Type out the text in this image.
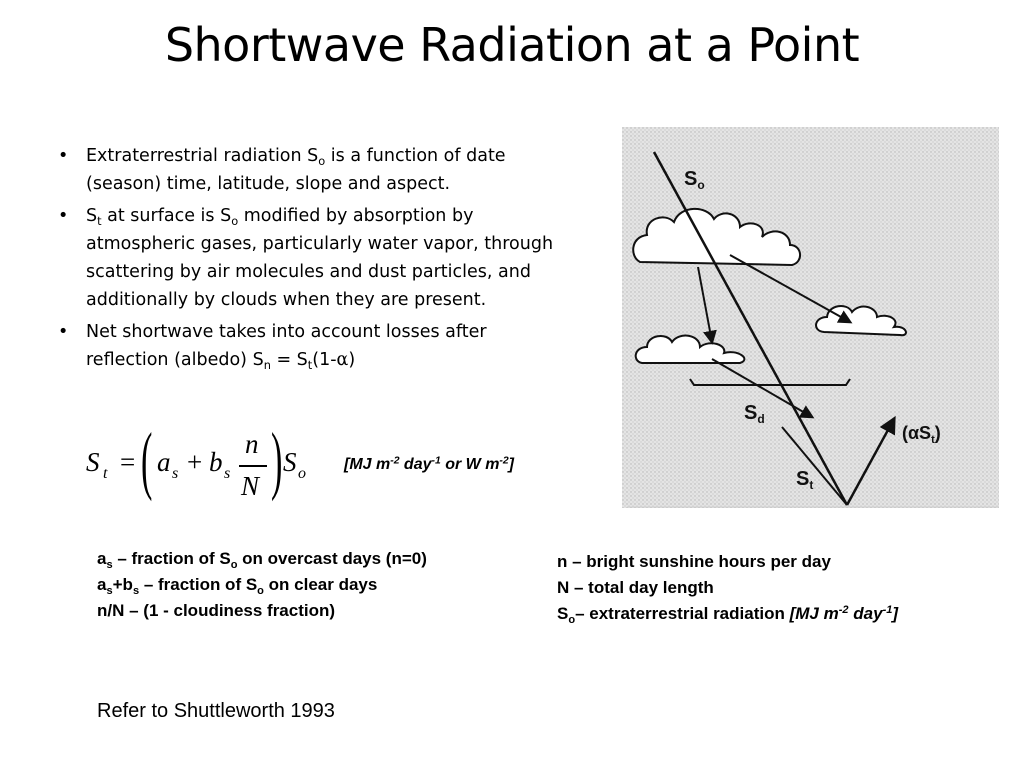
Shortwave Radiation at a Point
• Extraterrestrial radiation $S_o$ is a function of date (season) time, latitude, slope and aspect.
• $S_t$ at surface is $S_o$ modified by absorption by atmospheric gases, particularly water vapor, through scattering by air molecules and dust particles, and additionally by clouds when they are present.
• Net shortwave takes into account losses after reflection (albedo) $S_n = S_t(1-\alpha)$
S t = ( a s + b s
n
N ) S o
[MJ $m^{-2}$ day$^{-1}$ or W $m^{-2}$]
$S_o$
$S_d$
$S_t$
$(\alpha S_t)$
$a_s$ – fraction of $S_o$ on overcast days (n=0)
$a_s+b_s$ – fraction of $S_o$ on clear days
n/N – (1 - cloudiness fraction)
n – bright sunshine hours per day
N – total day length
$S_o-$ extraterrestrial radiation [MJ $m^{-2}$ day$^{-1}$]
Refer to Shuttleworth 1993
